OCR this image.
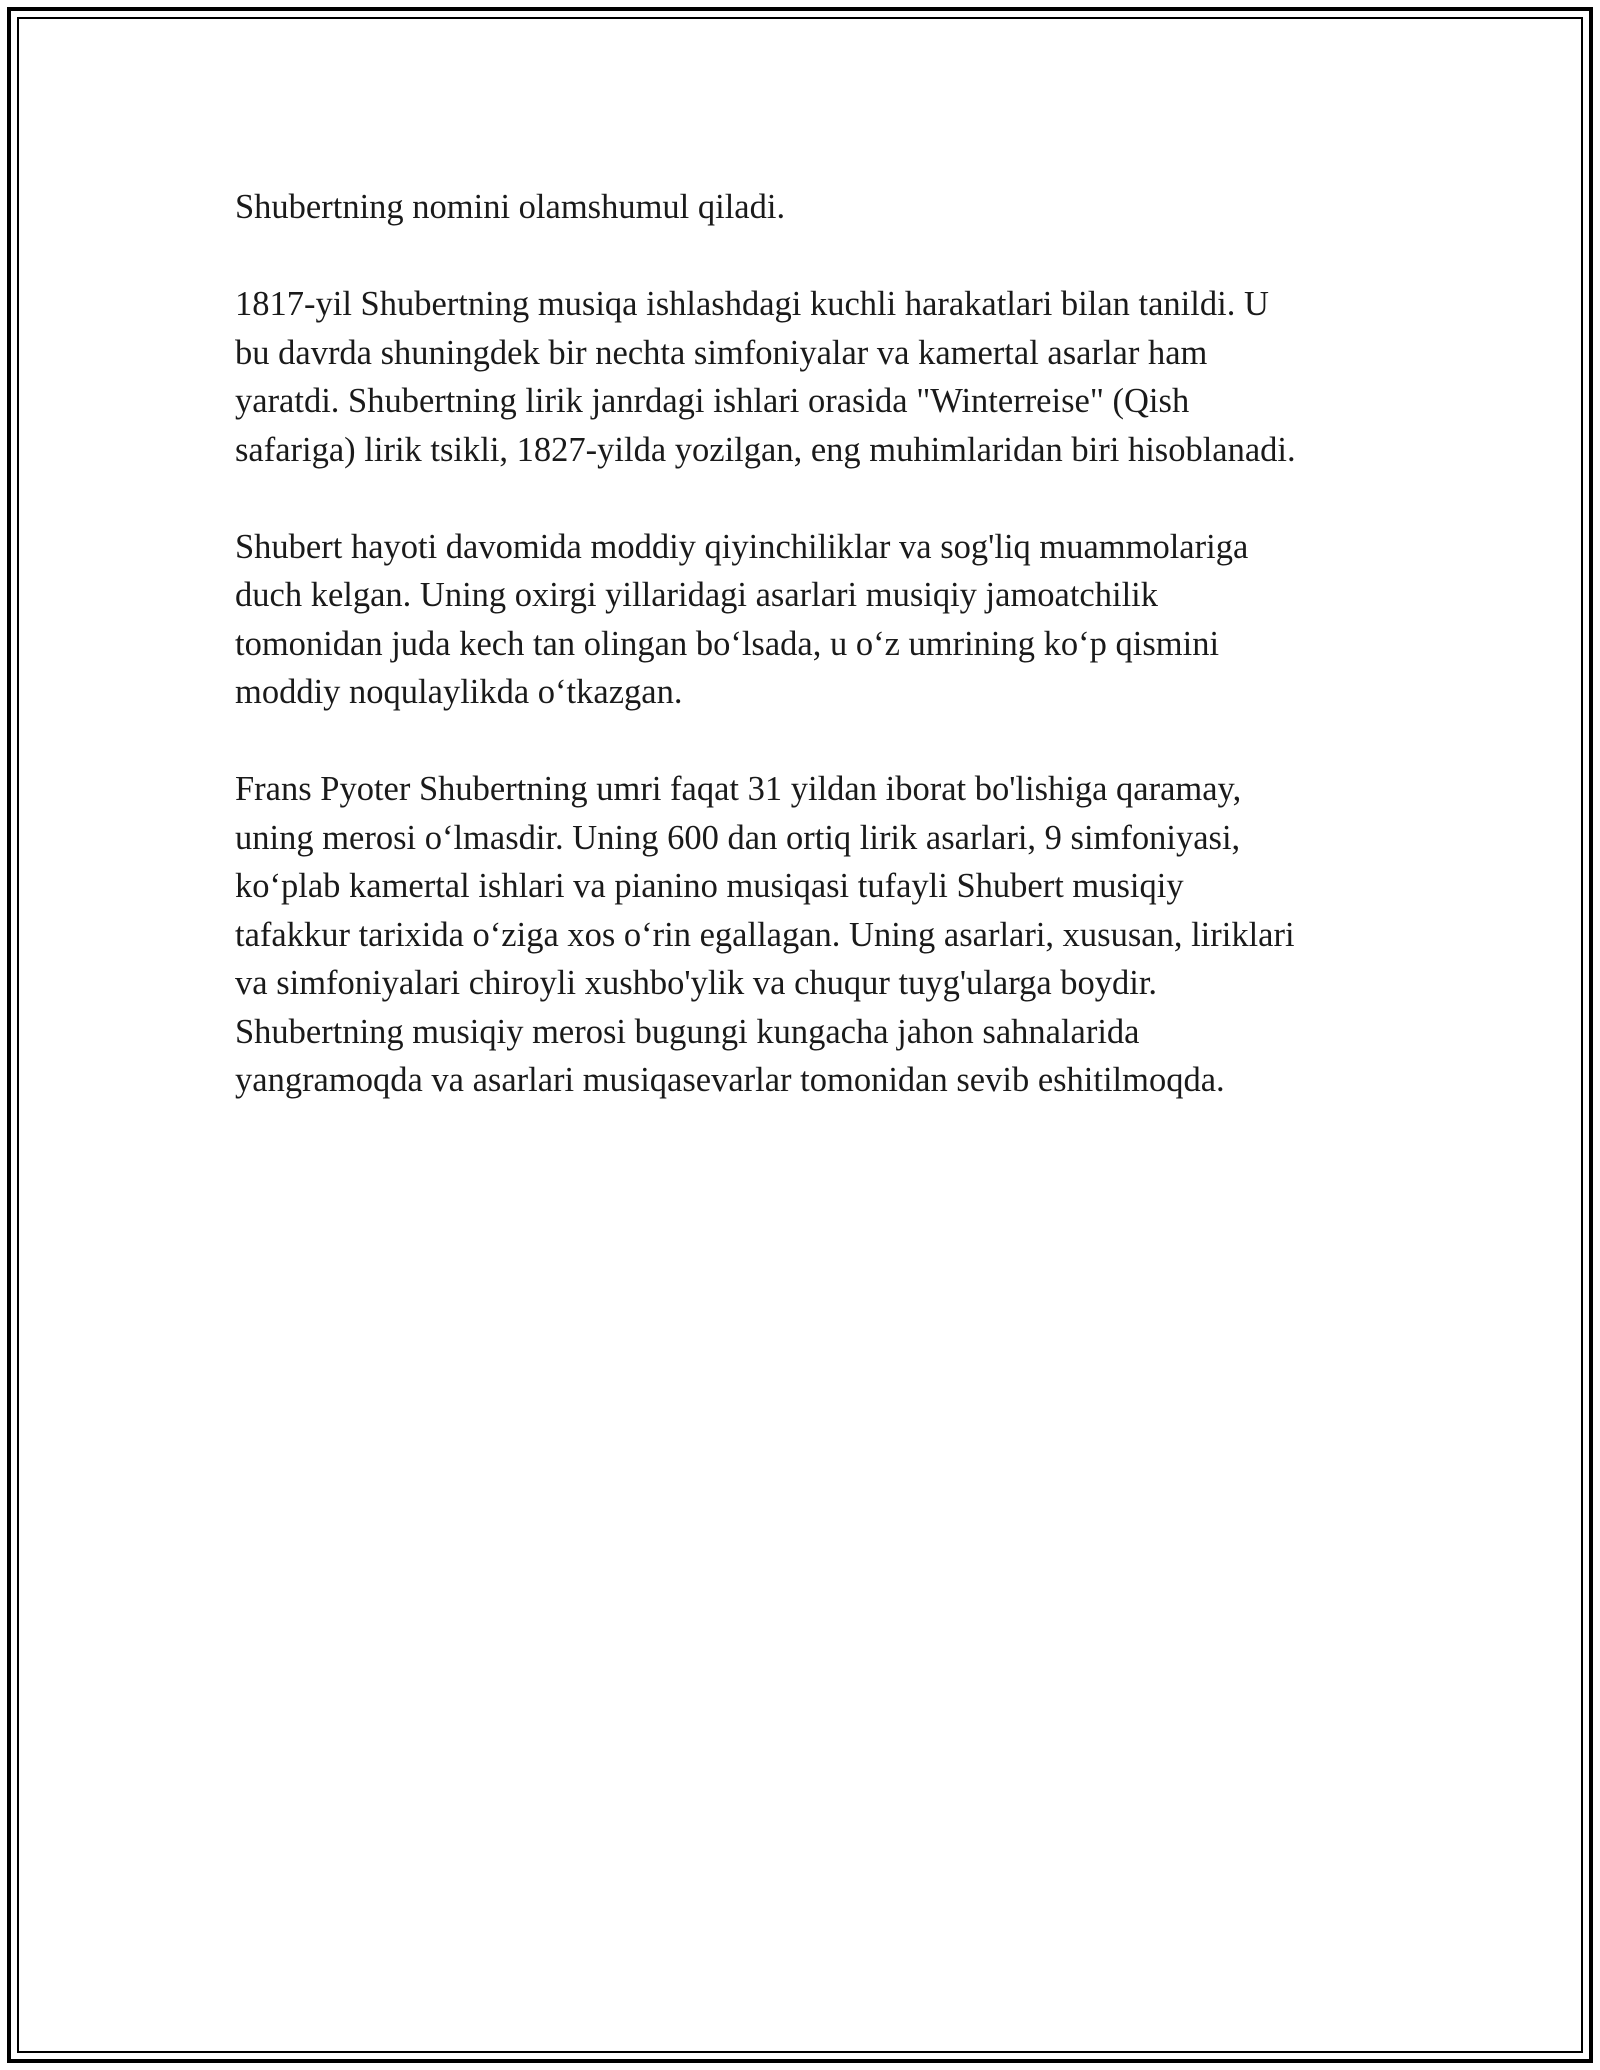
Shubertning nomini olamshumul qiladi.

1817-yil Shubertning musiqa ishlashdagi kuchli harakatlari bilan tanildi. U
bu davrda shuningdek bir nechta simfoniyalar va kamertal asarlar ham
yaratdi. Shubertning lirik janrdagi ishlari orasida "Winterreise" (Qish
safariga) lirik tsikli, 1827-yilda yozilgan, eng muhimlaridan biri hisoblanadi.

Shubert hayoti davomida moddiy qiyinchiliklar va sog'liq muammolariga
duch kelgan. Uning oxirgi yillaridagi asarlari musiqiy jamoatchilik
tomonidan juda kech tan olingan bo‘lsada, u o‘z umrining ko‘p qismini
moddiy noqulaylikda o‘tkazgan.

Frans Pyoter Shubertning umri faqat 31 yildan iborat bo'lishiga qaramay,
uning merosi o‘lmasdir. Uning 600 dan ortiq lirik asarlari, 9 simfoniyasi,
ko‘plab kamertal ishlari va pianino musiqasi tufayli Shubert musiqiy
tafakkur tarixida o‘ziga xos o‘rin egallagan. Uning asarlari, xususan, liriklari
va simfoniyalari chiroyli xushbo'ylik va chuqur tuyg'ularga boydir.
Shubertning musiqiy merosi bugungi kungacha jahon sahnalarida
yangramoqda va asarlari musiqasevarlar tomonidan sevib eshitilmoqda.
